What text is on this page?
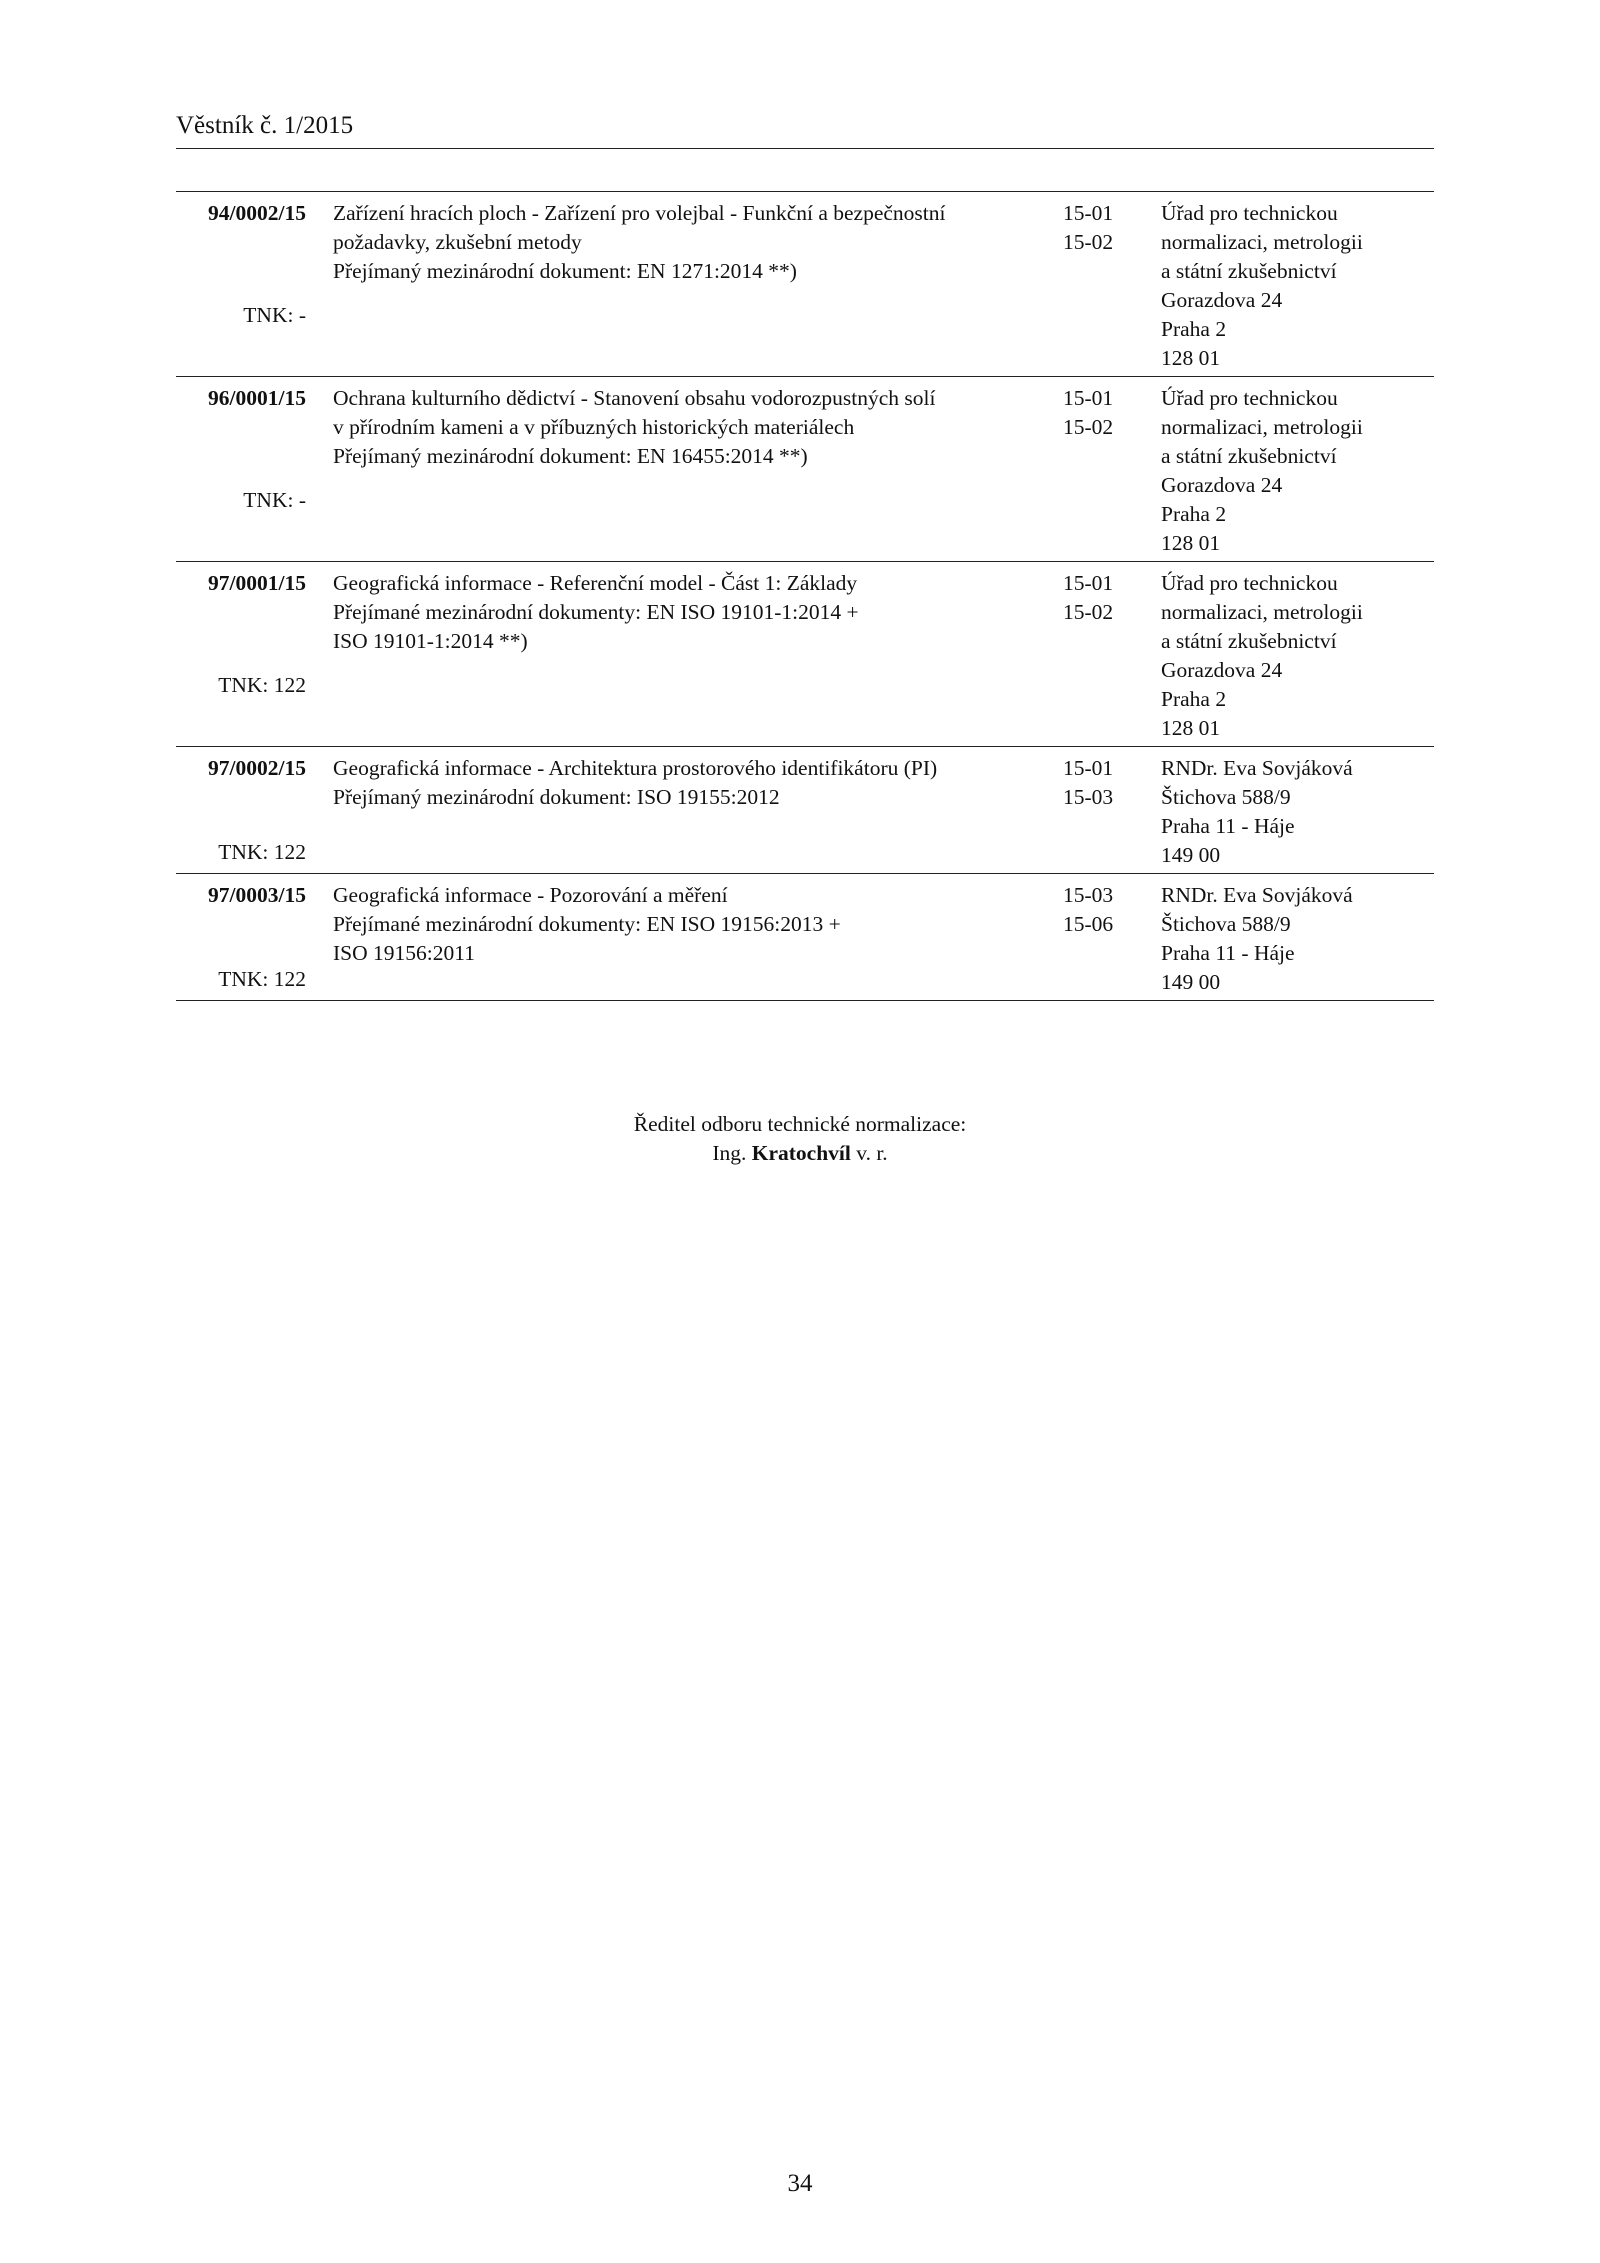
Věstník č. 1/2015
94/0002/15
TNK: -
Zařízení hracích ploch - Zařízení pro volejbal - Funkční a bezpečnostní
požadavky, zkušební metody
Přejímaný mezinárodní dokument: EN 1271:2014 **)
15-01
15-02
Úřad pro technickou
normalizaci, metrologii
a státní zkušebnictví
Gorazdova 24
Praha 2
128 01
96/0001/15
TNK: -
Ochrana kulturního dědictví - Stanovení obsahu vodorozpustných solí
v přírodním kameni a v příbuzných historických materiálech
Přejímaný mezinárodní dokument: EN 16455:2014 **)
15-01
15-02
Úřad pro technickou
normalizaci, metrologii
a státní zkušebnictví
Gorazdova 24
Praha 2
128 01
97/0001/15
TNK: 122
Geografická informace - Referenční model - Část 1: Základy
Přejímané mezinárodní dokumenty: EN ISO 19101-1:2014 +
ISO 19101-1:2014 **)
15-01
15-02
Úřad pro technickou
normalizaci, metrologii
a státní zkušebnictví
Gorazdova 24
Praha 2
128 01
97/0002/15
TNK: 122
Geografická informace - Architektura prostorového identifikátoru (PI)
Přejímaný mezinárodní dokument: ISO 19155:2012
15-01
15-03
RNDr. Eva Sovjáková
Štichova 588/9
Praha 11 - Háje
149 00
97/0003/15
TNK: 122
Geografická informace - Pozorování a měření
Přejímané mezinárodní dokumenty: EN ISO 19156:2013 +
ISO 19156:2011
15-03
15-06
RNDr. Eva Sovjáková
Štichova 588/9
Praha 11 - Háje
149 00
Ředitel odboru technické normalizace:
Ing. Kratochvíl v. r.
34
